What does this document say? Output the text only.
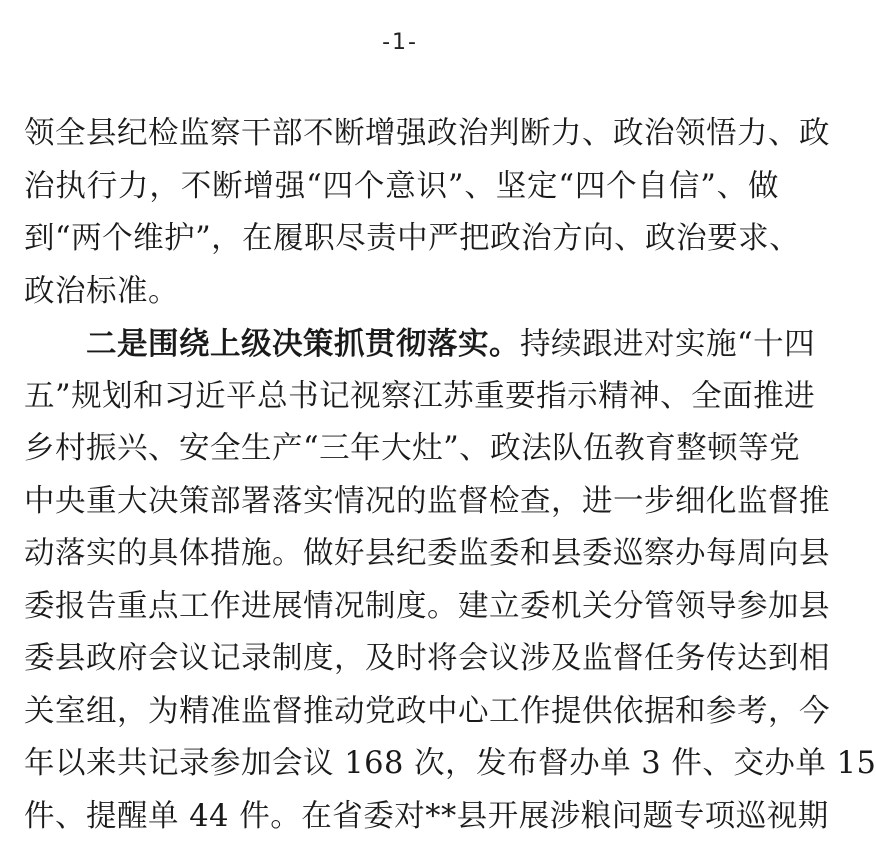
-1-
领全县纪检监察干部不断增强政治判断力、政治领悟力、政
治执行力，不断增强“四个意识”、坚定“四个自信”、做
到“两个维护”，在履职尽责中严把政治方向、政治要求、
政治标准。
二是围绕上级决策抓贯彻落实。持续跟进对实施“十四
五”规划和习近平总书记视察江苏重要指示精神、全面推进
乡村振兴、安全生产“三年大灶”、政法队伍教育整顿等党
中央重大决策部署落实情况的监督检查，进一步细化监督推
动落实的具体措施。做好县纪委监委和县委巡察办每周向县
委报告重点工作进展情况制度。建立委机关分管领导参加县
委县政府会议记录制度，及时将会议涉及监督任务传达到相
关室组，为精准监督推动党政中心工作提供依据和参考，今
年以来共记录参加会议 168 次，发布督办单 3 件、交办单 15
件、提醒单 44 件。在省委对**县开展涉粮问题专项巡视期
